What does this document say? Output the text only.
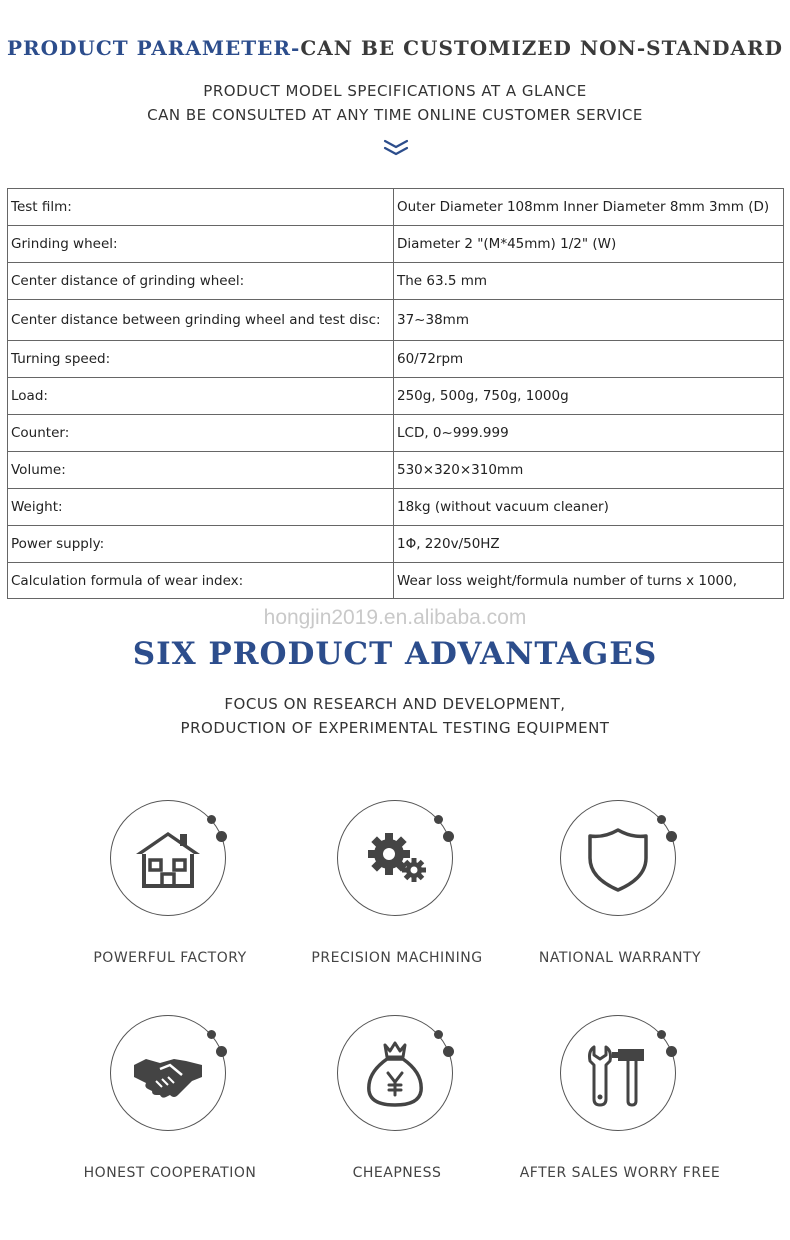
PRODUCT PARAMETER-CAN BE CUSTOMIZED NON-STANDARD
PRODUCT MODEL SPECIFICATIONS AT A GLANCE
CAN BE CONSULTED AT ANY TIME ONLINE CUSTOMER SERVICE
Test film:	Outer Diameter 108mm Inner Diameter 8mm 3mm (D)
Grinding wheel:	Diameter 2 "(M*45mm) 1/2" (W)
Center distance of grinding wheel:	The 63.5 mm
Center distance between grinding wheel and test disc:	37~38mm
Turning speed:	60/72rpm
Load:	250g, 500g, 750g, 1000g
Counter:	LCD, 0~999.999
Volume:	530×320×310mm
Weight:	18kg (without vacuum cleaner)
Power supply:	1Φ, 220v/50HZ
Calculation formula of wear index:	Wear loss weight/formula number of turns x 1000,
hongjin2019.en.alibaba.com
SIX PRODUCT ADVANTAGES
FOCUS ON RESEARCH AND DEVELOPMENT,
PRODUCTION OF EXPERIMENTAL TESTING EQUIPMENT
POWERFUL FACTORY	PRECISION MACHINING	NATIONAL WARRANTY
HONEST COOPERATION	CHEAPNESS	AFTER SALES WORRY FREE
